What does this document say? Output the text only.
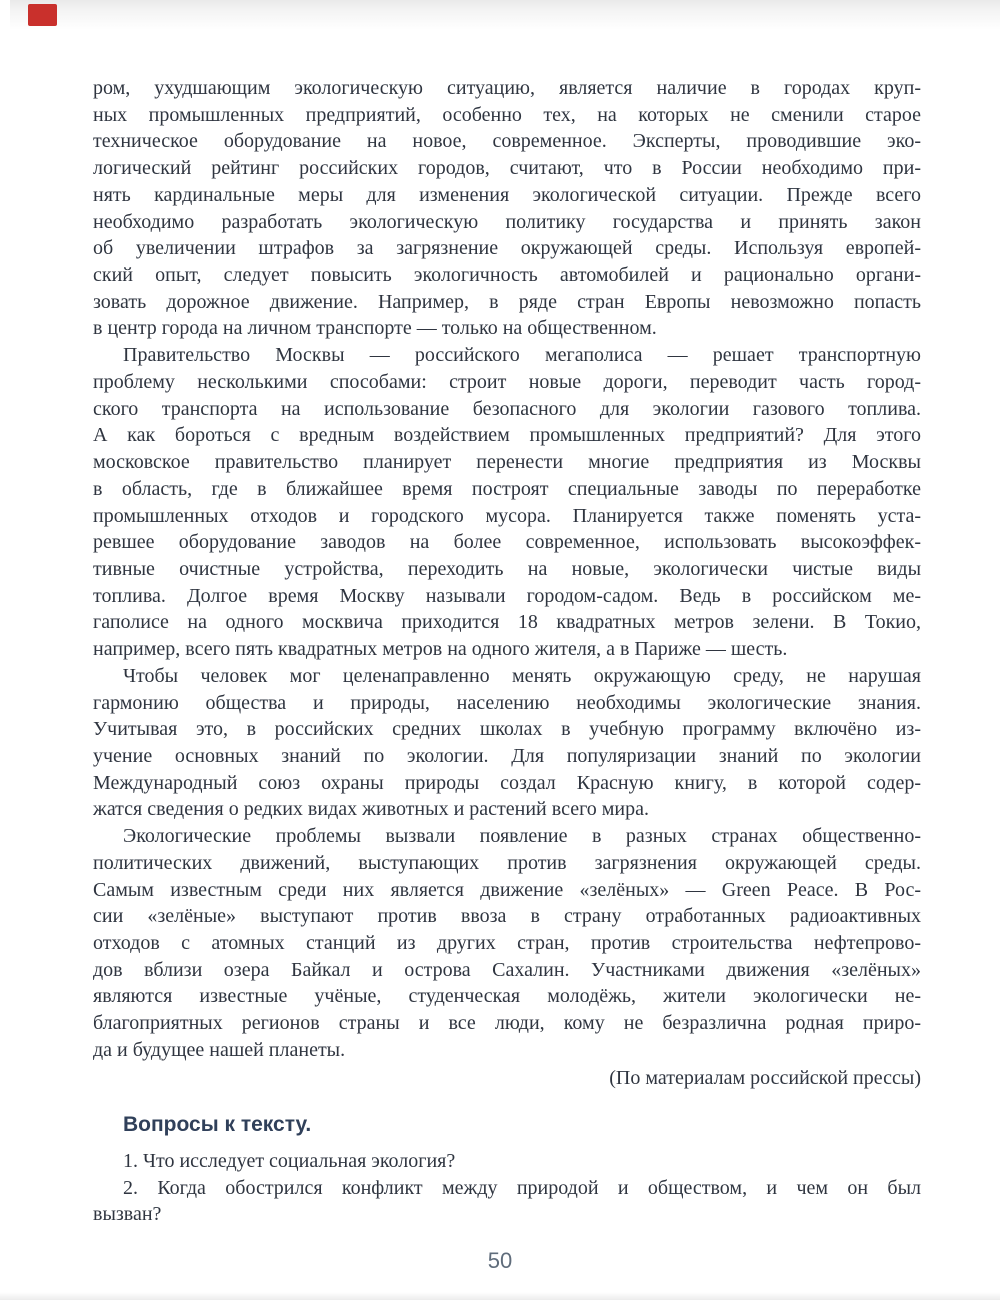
ром, ухудшающим экологическую ситуацию, является наличие в городах круп-
ных промышленных предприятий, особенно тех, на которых не сменили старое
техническое оборудование на новое, современное. Эксперты, проводившие эко-
логический рейтинг российских городов, считают, что в России необходимо при-
нять кардинальные меры для изменения экологической ситуации. Прежде всего
необходимо разработать экологическую политику государства и принять закон
об увеличении штрафов за загрязнение окружающей среды. Используя европей-
ский опыт, следует повысить экологичность автомобилей и рационально органи-
зовать дорожное движение. Например, в ряде стран Европы невозможно попасть
в центр города на личном транспорте — только на общественном.
Правительство Москвы — российского мегаполиса — решает транспортную
проблему несколькими способами: строит новые дороги, переводит часть город-
ского транспорта на использование безопасного для экологии газового топлива.
А как бороться с вредным воздействием промышленных предприятий? Для этого
московское правительство планирует перенести многие предприятия из Москвы
в область, где в ближайшее время построят специальные заводы по переработке
промышленных отходов и городского мусора. Планируется также поменять уста-
ревшее оборудование заводов на более современное, использовать высокоэффек-
тивные очистные устройства, переходить на новые, экологически чистые виды
топлива. Долгое время Москву называли городом-садом. Ведь в российском ме-
гаполисе на одного москвича приходится 18 квадратных метров зелени. В Токио,
например, всего пять квадратных метров на одного жителя, а в Париже — шесть.
Чтобы человек мог целенаправленно менять окружающую среду, не нарушая
гармонию общества и природы, населению необходимы экологические знания.
Учитывая это, в российских средних школах в учебную программу включёно из-
учение основных знаний по экологии. Для популяризации знаний по экологии
Международный союз охраны природы создал Красную книгу, в которой содер-
жатся сведения о редких видах животных и растений всего мира.
Экологические проблемы вызвали появление в разных странах общественно-
политических движений, выступающих против загрязнения окружающей среды.
Самым известным среди них является движение «зелёных» — Green Peace. В Рос-
сии «зелёные» выступают против ввоза в страну отработанных радиоактивных
отходов с атомных станций из других стран, против строительства нефтепрово-
дов вблизи озера Байкал и острова Сахалин. Участниками движения «зелёных»
являются известные учёные, студенческая молодёжь, жители экологически не-
благоприятных регионов страны и все люди, кому не безразлична родная приро-
да и будущее нашей планеты.
(По материалам российской прессы)
Вопросы к тексту.
1. Что исследует социальная экология?
2. Когда обострился конфликт между природой и обществом, и чем он был
вызван?
50
